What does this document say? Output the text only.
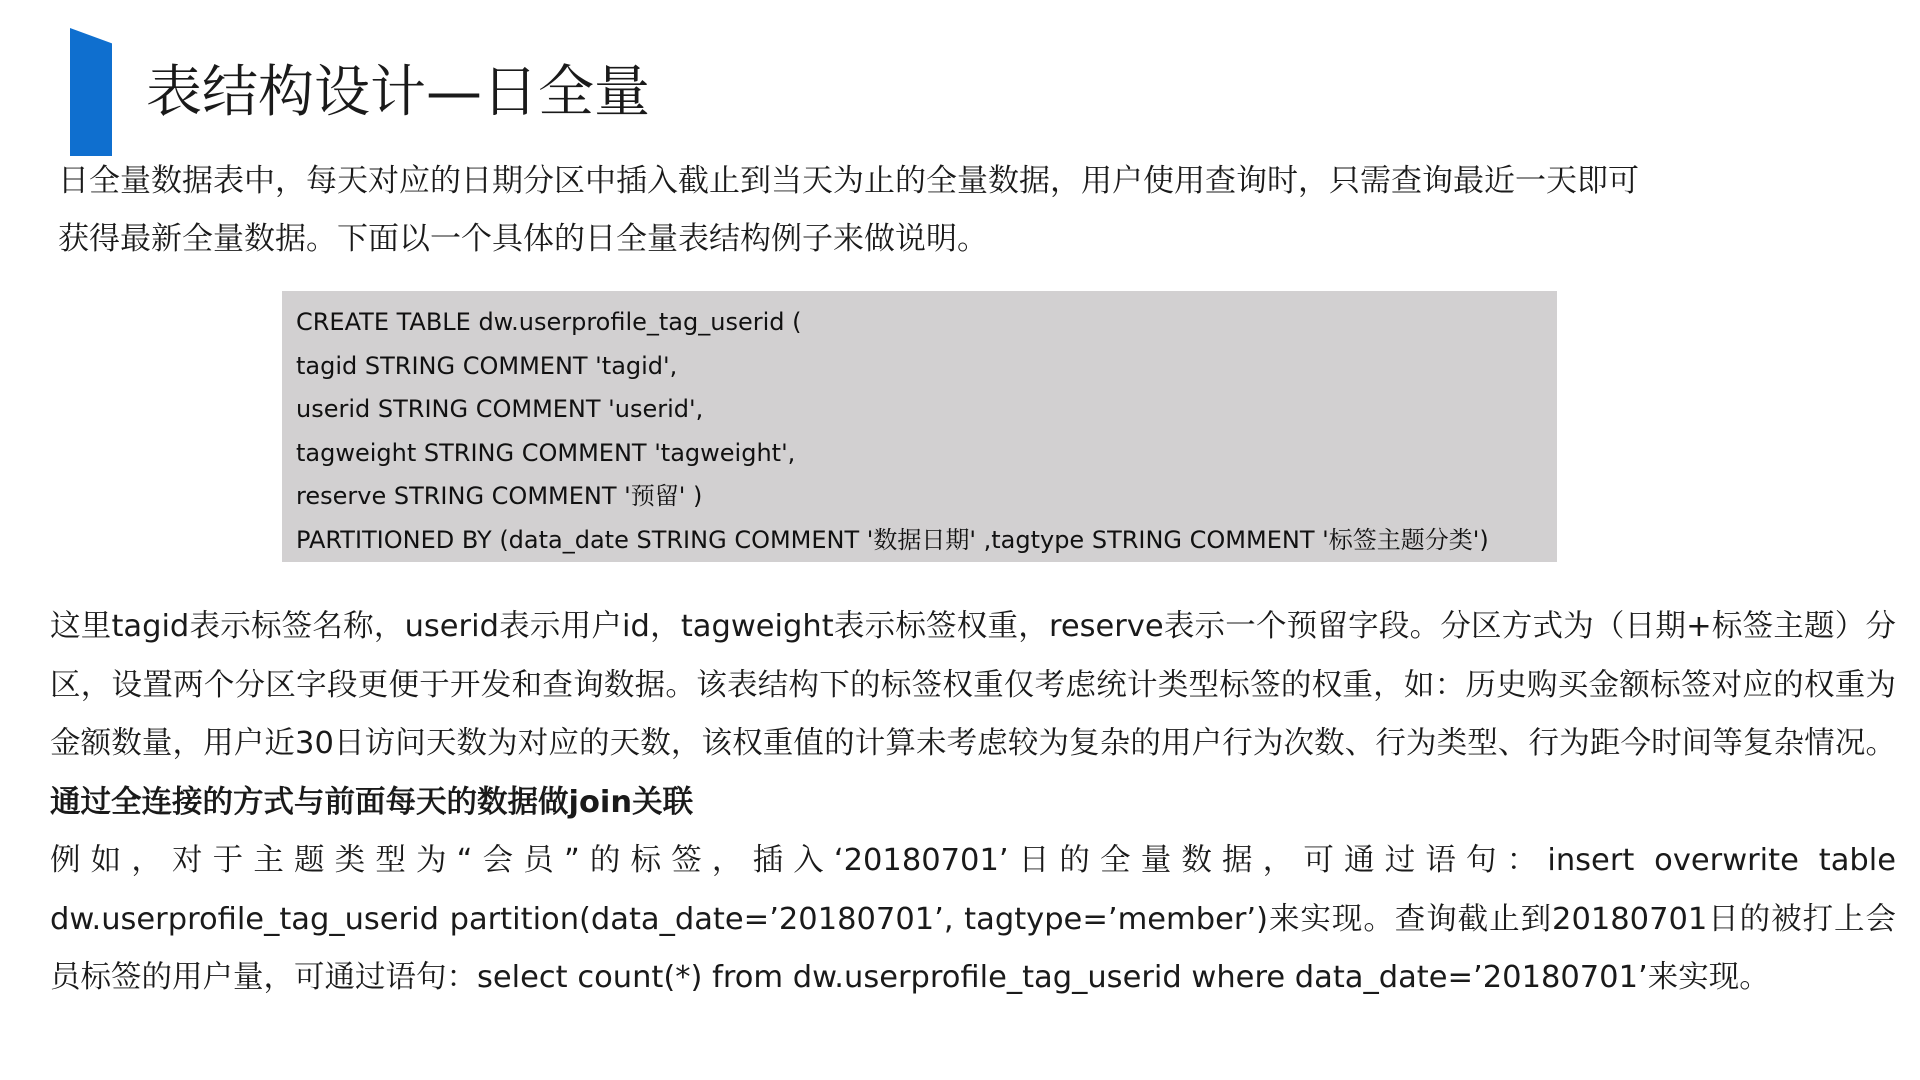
表结构设计—日全量

日全量数据表中，每天对应的日期分区中插入截止到当天为止的全量数据，用户使用查询时，只需查询最近一天即可获得最新全量数据。下面以一个具体的日全量表结构例子来做说明。

CREATE TABLE dw.userprofile_tag_userid (
tagid STRING COMMENT 'tagid',
userid STRING COMMENT 'userid',
tagweight STRING COMMENT 'tagweight',
reserve STRING COMMENT '预留' )
PARTITIONED BY (data_date STRING COMMENT '数据日期' ,tagtype STRING COMMENT '标签主题分类')

这里tagid表示标签名称，userid表示用户id，tagweight表示标签权重，reserve表示一个预留字段。分区方式为（日期+标签主题）分区，设置两个分区字段更便于开发和查询数据。该表结构下的标签权重仅考虑统计类型标签的权重，如：历史购买金额标签对应的权重为金额数量，用户近30日访问天数为对应的天数，该权重值的计算未考虑较为复杂的用户行为次数、行为类型、行为距今时间等复杂情况。通过全连接的方式与前面每天的数据做join关联

例如，对于主题类型为“会员”的标签，插入‘20180701’日的全量数据，可通过语句：insert overwrite table dw.userprofile_tag_userid partition(data_date=’20180701’, tagtype=’member’)来实现。查询截止到20180701日的被打上会员标签的用户量，可通过语句：select count(*) from dw.userprofile_tag_userid where data_date=’20180701’来实现。
